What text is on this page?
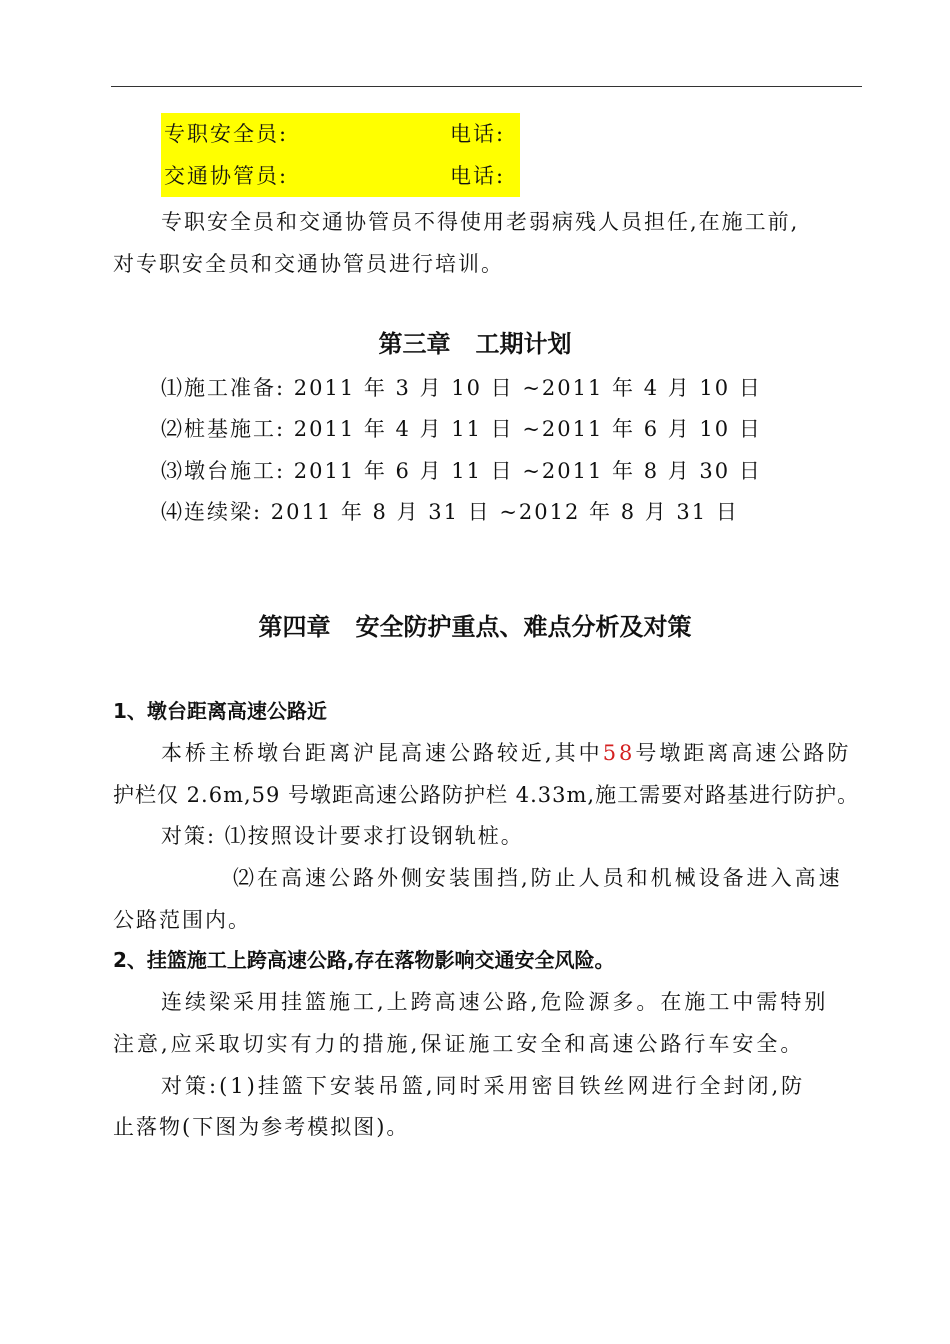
专职安全员:	电话:
交通协管员:	电话:
专职安全员和交通协管员不得使用老弱病残人员担任,在施工前,
对专职安全员和交通协管员进行培训。
第三章   工期计划
⑴施工准备: 2011 年 3 月 10 日 ~2011 年 4 月 10 日
⑵桩基施工: 2011 年 4 月 11 日 ~2011 年 6 月 10 日
⑶墩台施工: 2011 年 6 月 11 日 ~2011 年 8 月 30 日
⑷连续梁: 2011 年 8 月 31 日 ~2012 年 8 月 31 日
第四章   安全防护重点、难点分析及对策
1、墩台距离高速公路近
本桥主桥墩台距离沪昆高速公路较近,其中58号墩距离高速公路防
护栏仅 2.6m,59 号墩距高速公路防护栏 4.33m,施工需要对路基进行防护。
对策: ⑴按照设计要求打设钢轨桩。
⑵在高速公路外侧安装围挡,防止人员和机械设备进入高速
公路范围内。
2、挂篮施工上跨高速公路,存在落物影响交通安全风险。
连续梁采用挂篮施工,上跨高速公路,危险源多。在施工中需特别
注意,应采取切实有力的措施,保证施工安全和高速公路行车安全。
对策:(1)挂篮下安装吊篮,同时采用密目铁丝网进行全封闭,防
止落物(下图为参考模拟图)。
